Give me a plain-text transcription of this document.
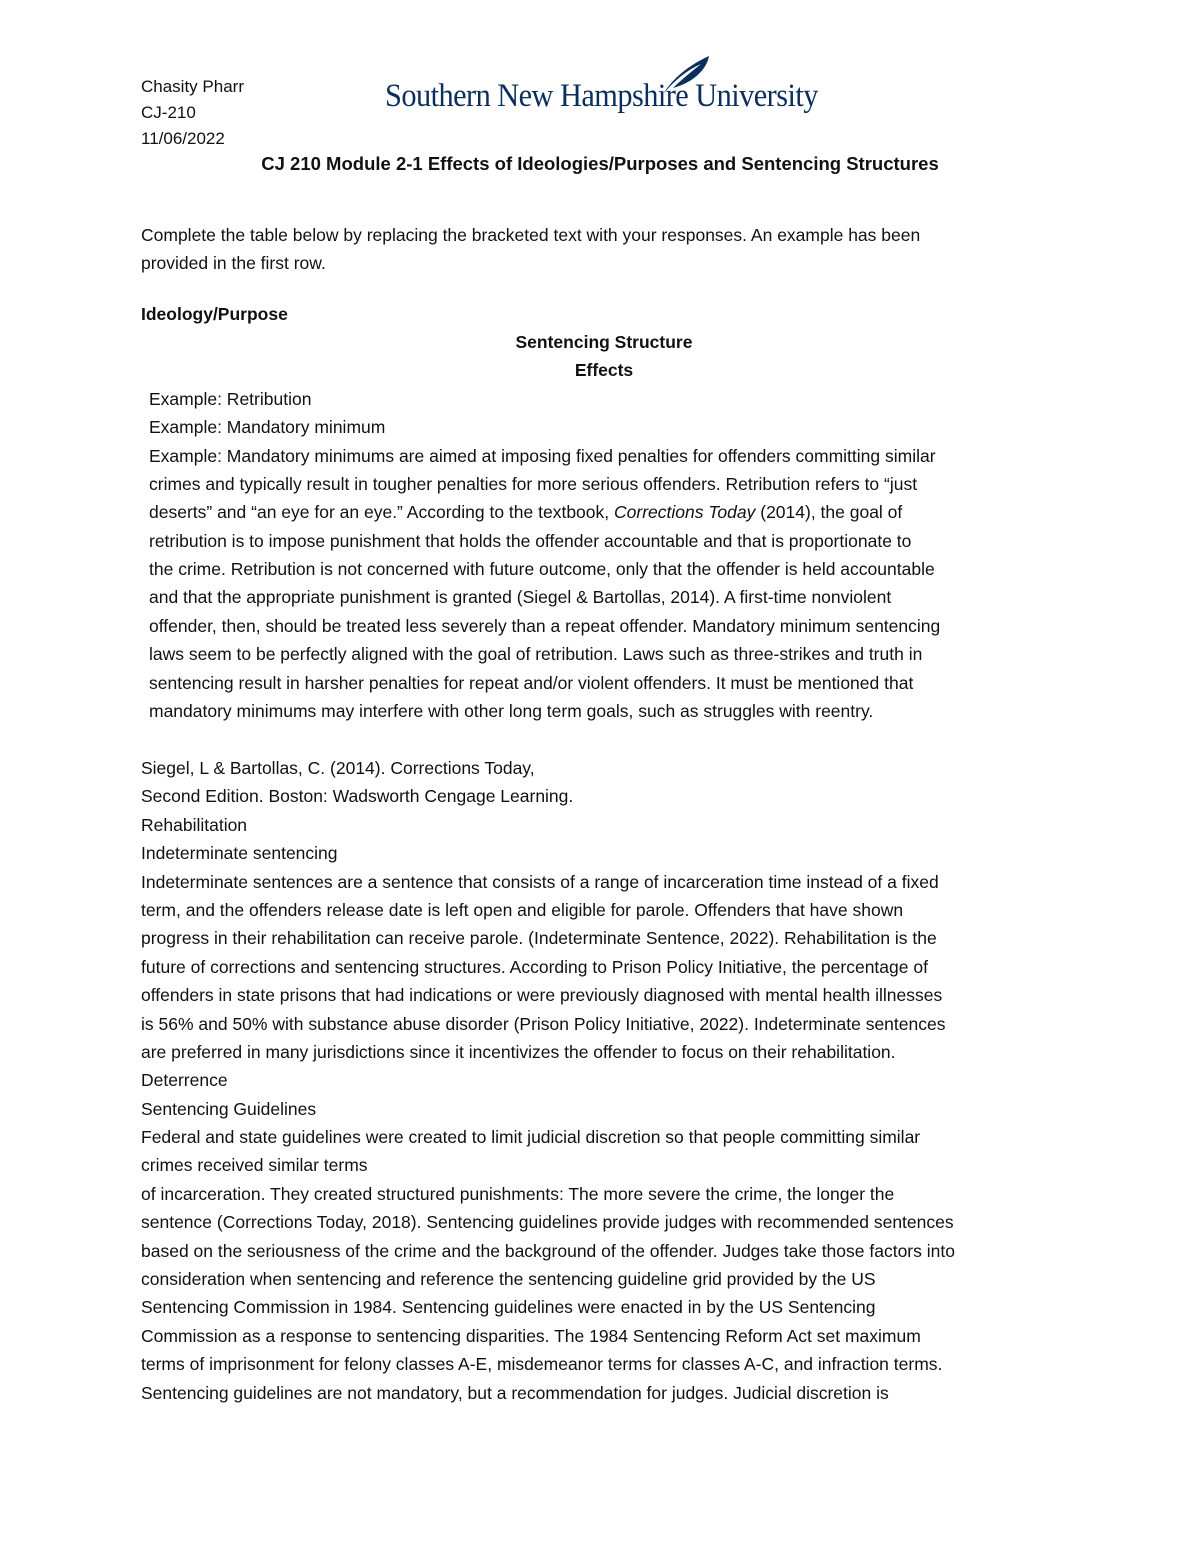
Chasity Pharr
CJ-210
11/06/2022
Southern New Hampshire University
CJ 210 Module 2-1 Effects of Ideologies/Purposes and Sentencing Structures
Complete the table below by replacing the bracketed text with your responses. An example has been
provided in the first row.
Ideology/Purpose
Sentencing Structure
Effects
Example: Retribution
Example: Mandatory minimum
Example: Mandatory minimums are aimed at imposing fixed penalties for offenders committing similar
crimes and typically result in tougher penalties for more serious offenders. Retribution refers to “just
deserts” and “an eye for an eye.” According to the textbook, Corrections Today (2014), the goal of
retribution is to impose punishment that holds the offender accountable and that is proportionate to
the crime. Retribution is not concerned with future outcome, only that the offender is held accountable
and that the appropriate punishment is granted (Siegel & Bartollas, 2014). A first-time nonviolent
offender, then, should be treated less severely than a repeat offender. Mandatory minimum sentencing
laws seem to be perfectly aligned with the goal of retribution. Laws such as three-strikes and truth in
sentencing result in harsher penalties for repeat and/or violent offenders. It must be mentioned that
mandatory minimums may interfere with other long term goals, such as struggles with reentry.
Siegel, L & Bartollas, C. (2014). Corrections Today,
Second Edition. Boston: Wadsworth Cengage Learning.
Rehabilitation
Indeterminate sentencing
Indeterminate sentences are a sentence that consists of a range of incarceration time instead of a fixed
term, and the offenders release date is left open and eligible for parole. Offenders that have shown
progress in their rehabilitation can receive parole. (Indeterminate Sentence, 2022). Rehabilitation is the
future of corrections and sentencing structures. According to Prison Policy Initiative, the percentage of
offenders in state prisons that had indications or were previously diagnosed with mental health illnesses
is 56% and 50% with substance abuse disorder (Prison Policy Initiative, 2022). Indeterminate sentences
are preferred in many jurisdictions since it incentivizes the offender to focus on their rehabilitation.
Deterrence
Sentencing Guidelines
Federal and state guidelines were created to limit judicial discretion so that people committing similar
crimes received similar terms
of incarceration. They created structured punishments: The more severe the crime, the longer the
sentence (Corrections Today, 2018). Sentencing guidelines provide judges with recommended sentences
based on the seriousness of the crime and the background of the offender. Judges take those factors into
consideration when sentencing and reference the sentencing guideline grid provided by the US
Sentencing Commission in 1984. Sentencing guidelines were enacted in by the US Sentencing
Commission as a response to sentencing disparities. The 1984 Sentencing Reform Act set maximum
terms of imprisonment for felony classes A-E, misdemeanor terms for classes A-C, and infraction terms.
Sentencing guidelines are not mandatory, but a recommendation for judges. Judicial discretion is
